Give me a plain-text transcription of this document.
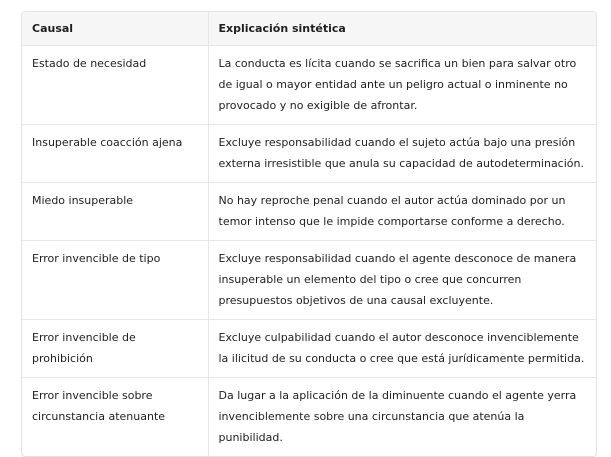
Causal	Explicación sintética
Estado de necesidad	La conducta es lícita cuando se sacrifica un bien para salvar otro de igual o mayor entidad ante un peligro actual o inminente no provocado y no exigible de afrontar.
Insuperable coacción ajena	Excluye responsabilidad cuando el sujeto actúa bajo una presión externa irresistible que anula su capacidad de autodeterminación.
Miedo insuperable	No hay reproche penal cuando el autor actúa dominado por un temor intenso que le impide comportarse conforme a derecho.
Error invencible de tipo	Excluye responsabilidad cuando el agente desconoce de manera insuperable un elemento del tipo o cree que concurren presupuestos objetivos de una causal excluyente.
Error invencible de prohibición	Excluye culpabilidad cuando el autor desconoce invenciblemente la ilicitud de su conducta o cree que está jurídicamente permitida.
Error invencible sobre circunstancia atenuante	Da lugar a la aplicación de la diminuente cuando el agente yerra invenciblemente sobre una circunstancia que atenúa la punibilidad.
